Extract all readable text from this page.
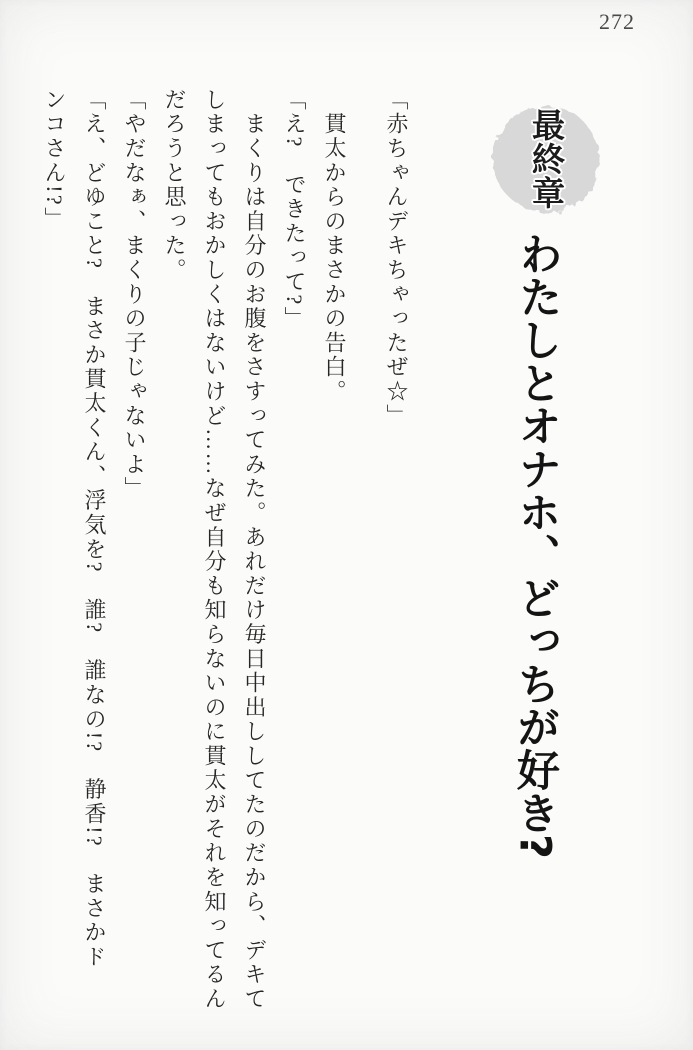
272
最終章
わたしとオナホ、どっちが好き?

「赤ちゃんデキちゃったぜ☆」

　貫太からのまさかの告白。

「え?　できたって?」

　まくりは自分のお腹をさすってみた。あれだけ毎日中出ししてたのだから、デキて

しまってもおかしくはないけど……なぜ自分も知らないのに貫太がそれを知ってるん

だろうと思った。

「やだなぁ、まくりの子じゃないよ」

「え、どゆこと?　まさか貫太くん、浮気を?　誰?　誰なの!?　静香!?　まさかド

ンコさん!?」
